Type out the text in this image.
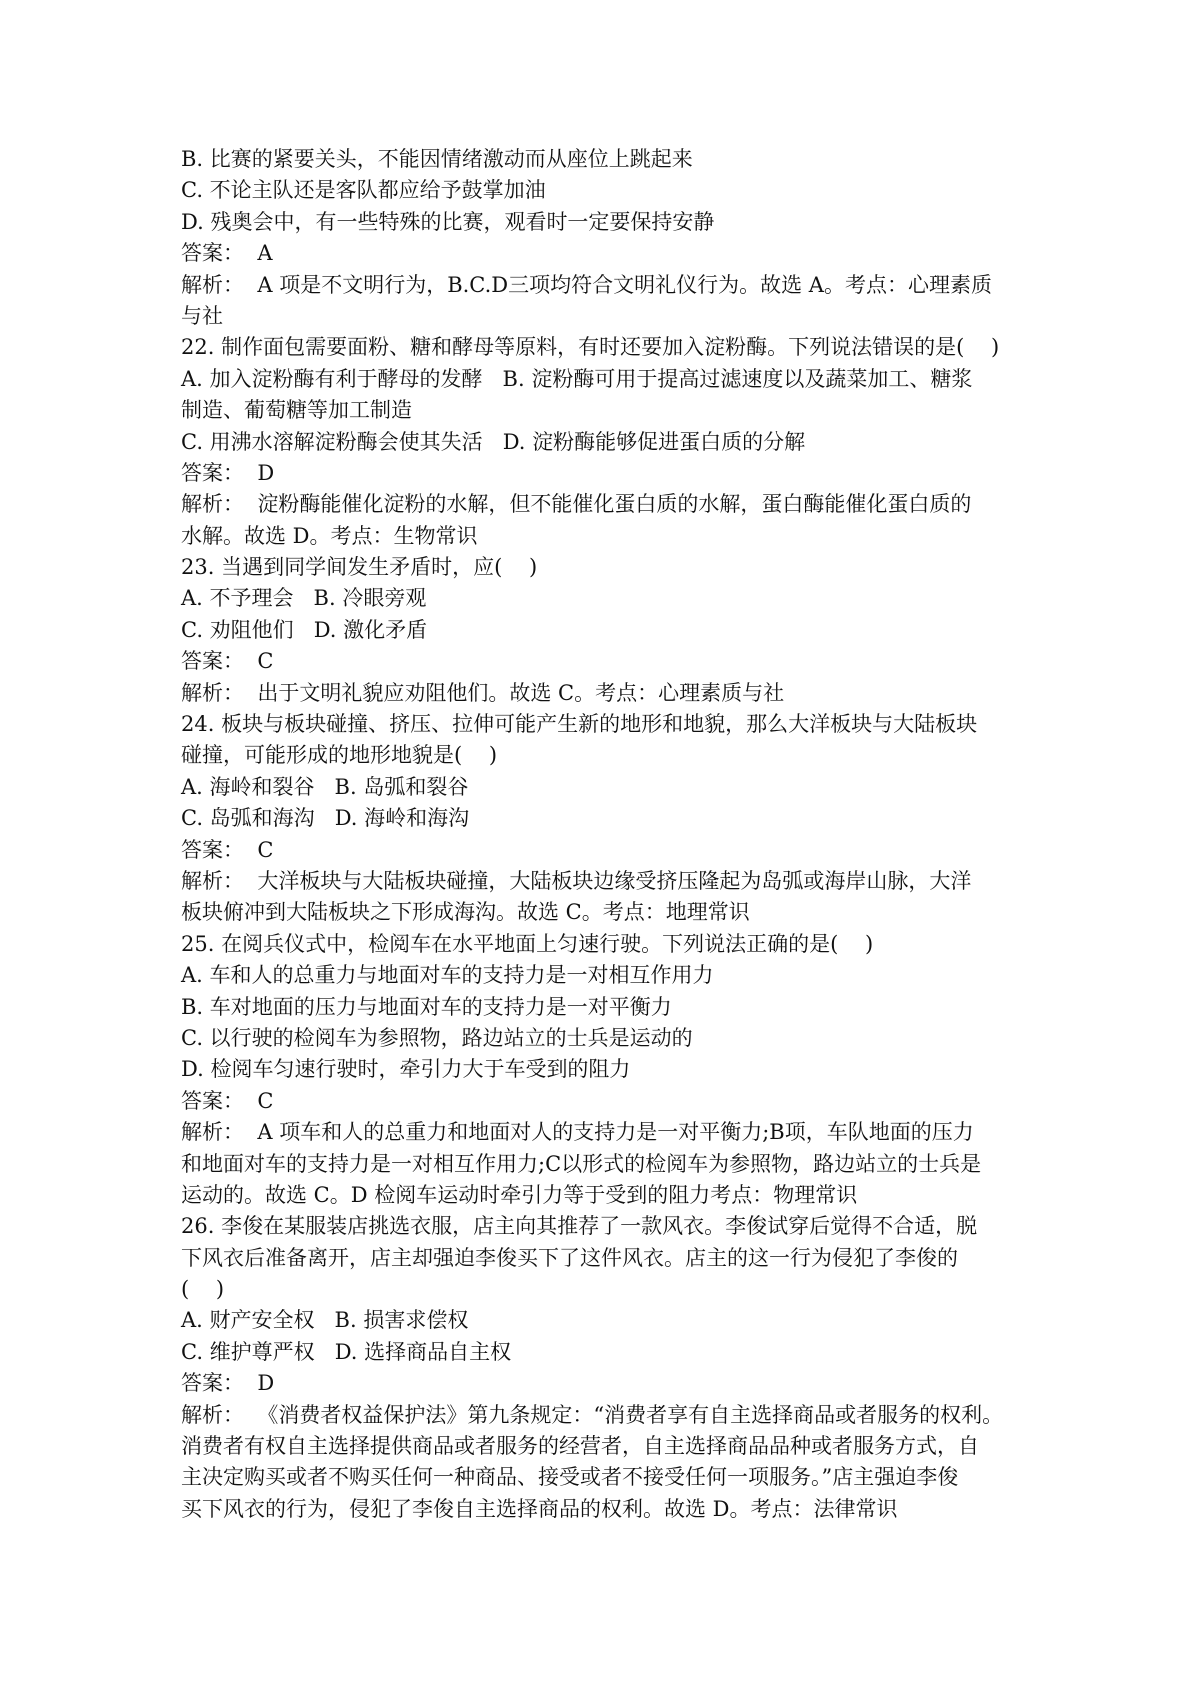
B. 比赛的紧要关头，不能因情绪激动而从座位上跳起来
C. 不论主队还是客队都应给予鼓掌加油
D. 残奥会中，有一些特殊的比赛，观看时一定要保持安静
答案：  A
解析：  A 项是不文明行为，B.C.D三项均符合文明礼仪行为。故选 A。考点：心理素质
与社
22. 制作面包需要面粉、糖和酵母等原料，有时还要加入淀粉酶。下列说法错误的是(    )
A. 加入淀粉酶有利于酵母的发酵   B. 淀粉酶可用于提高过滤速度以及蔬菜加工、糖浆
制造、葡萄糖等加工制造
C. 用沸水溶解淀粉酶会使其失活   D. 淀粉酶能够促进蛋白质的分解
答案：  D
解析：  淀粉酶能催化淀粉的水解，但不能催化蛋白质的水解，蛋白酶能催化蛋白质的
水解。故选 D。考点：生物常识
23. 当遇到同学间发生矛盾时，应(    )
A. 不予理会   B. 冷眼旁观
C. 劝阻他们   D. 激化矛盾
答案：  C
解析：  出于文明礼貌应劝阻他们。故选 C。考点：心理素质与社
24. 板块与板块碰撞、挤压、拉伸可能产生新的地形和地貌，那么大洋板块与大陆板块
碰撞，可能形成的地形地貌是(    )
A. 海岭和裂谷   B. 岛弧和裂谷
C. 岛弧和海沟   D. 海岭和海沟
答案：  C
解析：  大洋板块与大陆板块碰撞，大陆板块边缘受挤压隆起为岛弧或海岸山脉，大洋
板块俯冲到大陆板块之下形成海沟。故选 C。考点：地理常识
25. 在阅兵仪式中，检阅车在水平地面上匀速行驶。下列说法正确的是(    )
A. 车和人的总重力与地面对车的支持力是一对相互作用力
B. 车对地面的压力与地面对车的支持力是一对平衡力
C. 以行驶的检阅车为参照物，路边站立的士兵是运动的
D. 检阅车匀速行驶时，牵引力大于车受到的阻力
答案：  C
解析：  A 项车和人的总重力和地面对人的支持力是一对平衡力;B项，车队地面的压力
和地面对车的支持力是一对相互作用力;C以形式的检阅车为参照物，路边站立的士兵是
运动的。故选 C。D 检阅车运动时牵引力等于受到的阻力考点：物理常识
26. 李俊在某服装店挑选衣服，店主向其推荐了一款风衣。李俊试穿后觉得不合适，脱
下风衣后准备离开，店主却强迫李俊买下了这件风衣。店主的这一行为侵犯了李俊的
(    )
A. 财产安全权   B. 损害求偿权
C. 维护尊严权   D. 选择商品自主权
答案：  D
解析：  《消费者权益保护法》第九条规定：“消费者享有自主选择商品或者服务的权利。
消费者有权自主选择提供商品或者服务的经营者，自主选择商品品种或者服务方式，自
主决定购买或者不购买任何一种商品、接受或者不接受任何一项服务。”店主强迫李俊
买下风衣的行为，侵犯了李俊自主选择商品的权利。故选 D。考点：法律常识
